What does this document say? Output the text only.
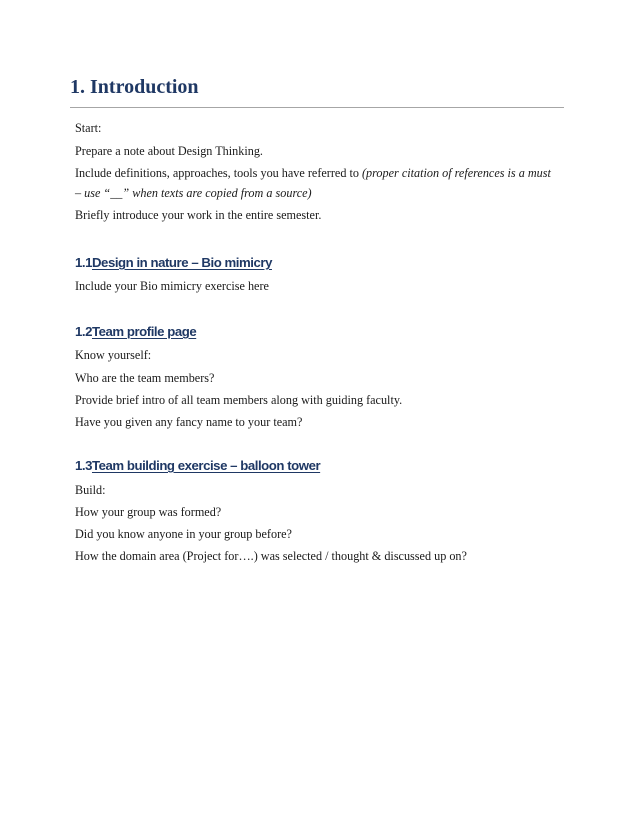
1. Introduction

Start:

Prepare a note about Design Thinking.

Include definitions, approaches, tools you have referred to (proper citation of references is a must

– use “__” when texts are copied from a source)

Briefly introduce your work in the entire semester.

1.1Design in nature – Bio mimicry

Include your Bio mimicry exercise here

1.2Team profile page

Know yourself:

Who are the team members?

Provide brief intro of all team members along with guiding faculty.

Have you given any fancy name to your team?

1.3Team building exercise – balloon tower

Build:

How your group was formed?

Did you know anyone in your group before?

How the domain area (Project for….) was selected / thought & discussed up on?
